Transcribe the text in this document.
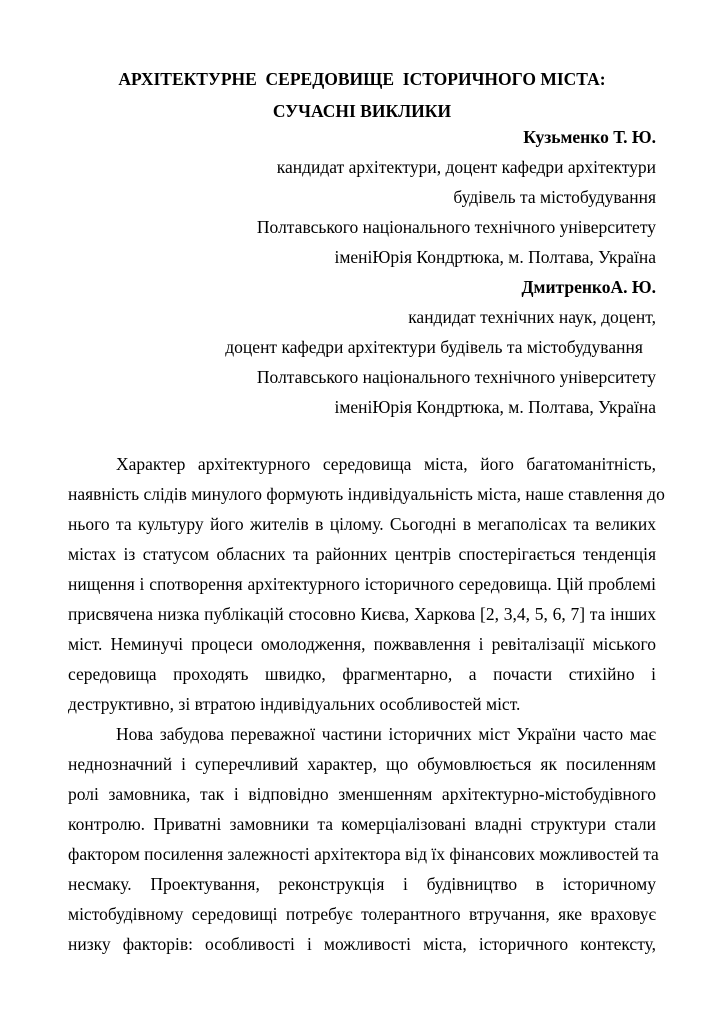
АРХІТЕКТУРНЕ  СЕРЕДОВИЩЕ  ІСТОРИЧНОГО МІСТА:
СУЧАСНІ ВИКЛИКИ
Кузьменко Т. Ю.
кандидат архітектури, доцент кафедри архітектури
будівель та містобудування
Полтавського національного технічного університету
іменіЮрія Кондртюка, м. Полтава, Україна
ДмитренкоА. Ю.
кандидат технічних наук, доцент,
доцент кафедри архітектури будівель та містобудування
Полтавського національного технічного університету
іменіЮрія Кондртюка, м. Полтава, Україна
Характер архітектурного середовища міста, його багатоманітність,
наявність слідів минулого формують індивідуальність міста, наше ставлення до
нього та культуру його жителів в цілому. Сьогодні в мегаполісах та великих
містах із статусом обласних та районних центрів спостерігається тенденція
нищення і спотворення архітектурного історичного середовища. Цій проблемі
присвячена низка публікацій стосовно Києва, Харкова [2, 3,4, 5, 6, 7] та інших
міст. Неминучі процеси омолодження, пожвавлення і ревіталізації міського
середовища проходять швидко, фрагментарно, а почасти стихійно і
деструктивно, зі втратою індивідуальних особливостей міст.
Нова забудова переважної частини історичних міст України часто має
неднозначний і суперечливий характер, що обумовлюється як посиленням
ролі замовника, так і відповідно зменшенням архітектурно-містобудівного
контролю. Приватні замовники та комерціалізовані владні структури стали
фактором посилення залежності архітектора від їх фінансових можливостей та
несмаку. Проектування, реконструкція і будівництво в історичному
містобудівному середовищі потребує толерантного втручання, яке враховує
низку факторів: особливості і можливості міста, історичного контексту,
